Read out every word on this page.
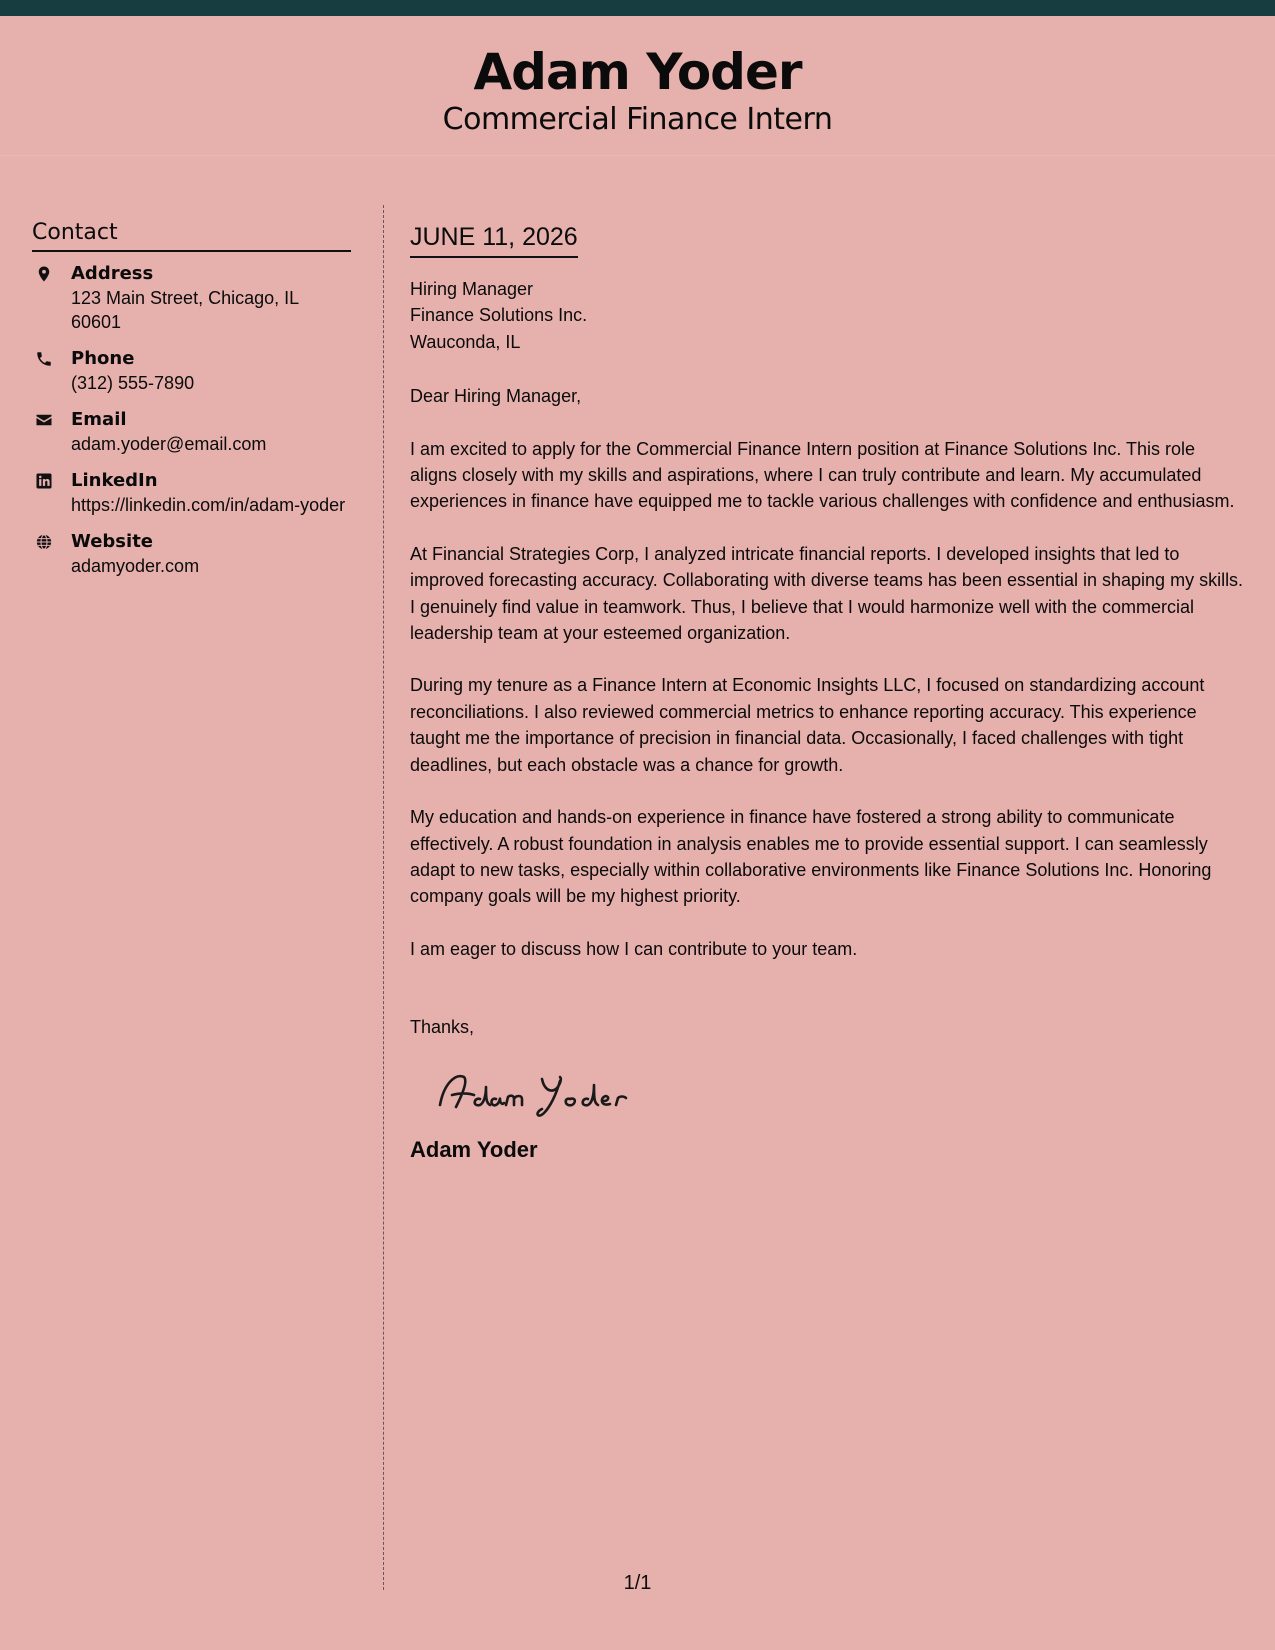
Adam Yoder
Commercial Finance Intern
Contact
Address
123 Main Street, Chicago, IL 60601
Phone
(312) 555-7890
Email
adam.yoder@email.com
LinkedIn
https://linkedin.com/in/adam-yoder
Website
adamyoder.com
JUNE 11, 2026
Hiring Manager
Finance Solutions Inc.
Wauconda, IL
Dear Hiring Manager,

I am excited to apply for the Commercial Finance Intern position at Finance Solutions Inc. This role aligns closely with my skills and aspirations, where I can truly contribute and learn. My accumulated experiences in finance have equipped me to tackle various challenges with confidence and enthusiasm.

At Financial Strategies Corp, I analyzed intricate financial reports. I developed insights that led to improved forecasting accuracy. Collaborating with diverse teams has been essential in shaping my skills. I genuinely find value in teamwork. Thus, I believe that I would harmonize well with the commercial leadership team at your esteemed organization.

During my tenure as a Finance Intern at Economic Insights LLC, I focused on standardizing account reconciliations. I also reviewed commercial metrics to enhance reporting accuracy. This experience taught me the importance of precision in financial data. Occasionally, I faced challenges with tight deadlines, but each obstacle was a chance for growth.

My education and hands-on experience in finance have fostered a strong ability to communicate effectively. A robust foundation in analysis enables me to provide essential support. I can seamlessly adapt to new tasks, especially within collaborative environments like Finance Solutions Inc. Honoring company goals will be my highest priority.

I am eager to discuss how I can contribute to your team.

Thanks,
Adam Yoder
1/1
